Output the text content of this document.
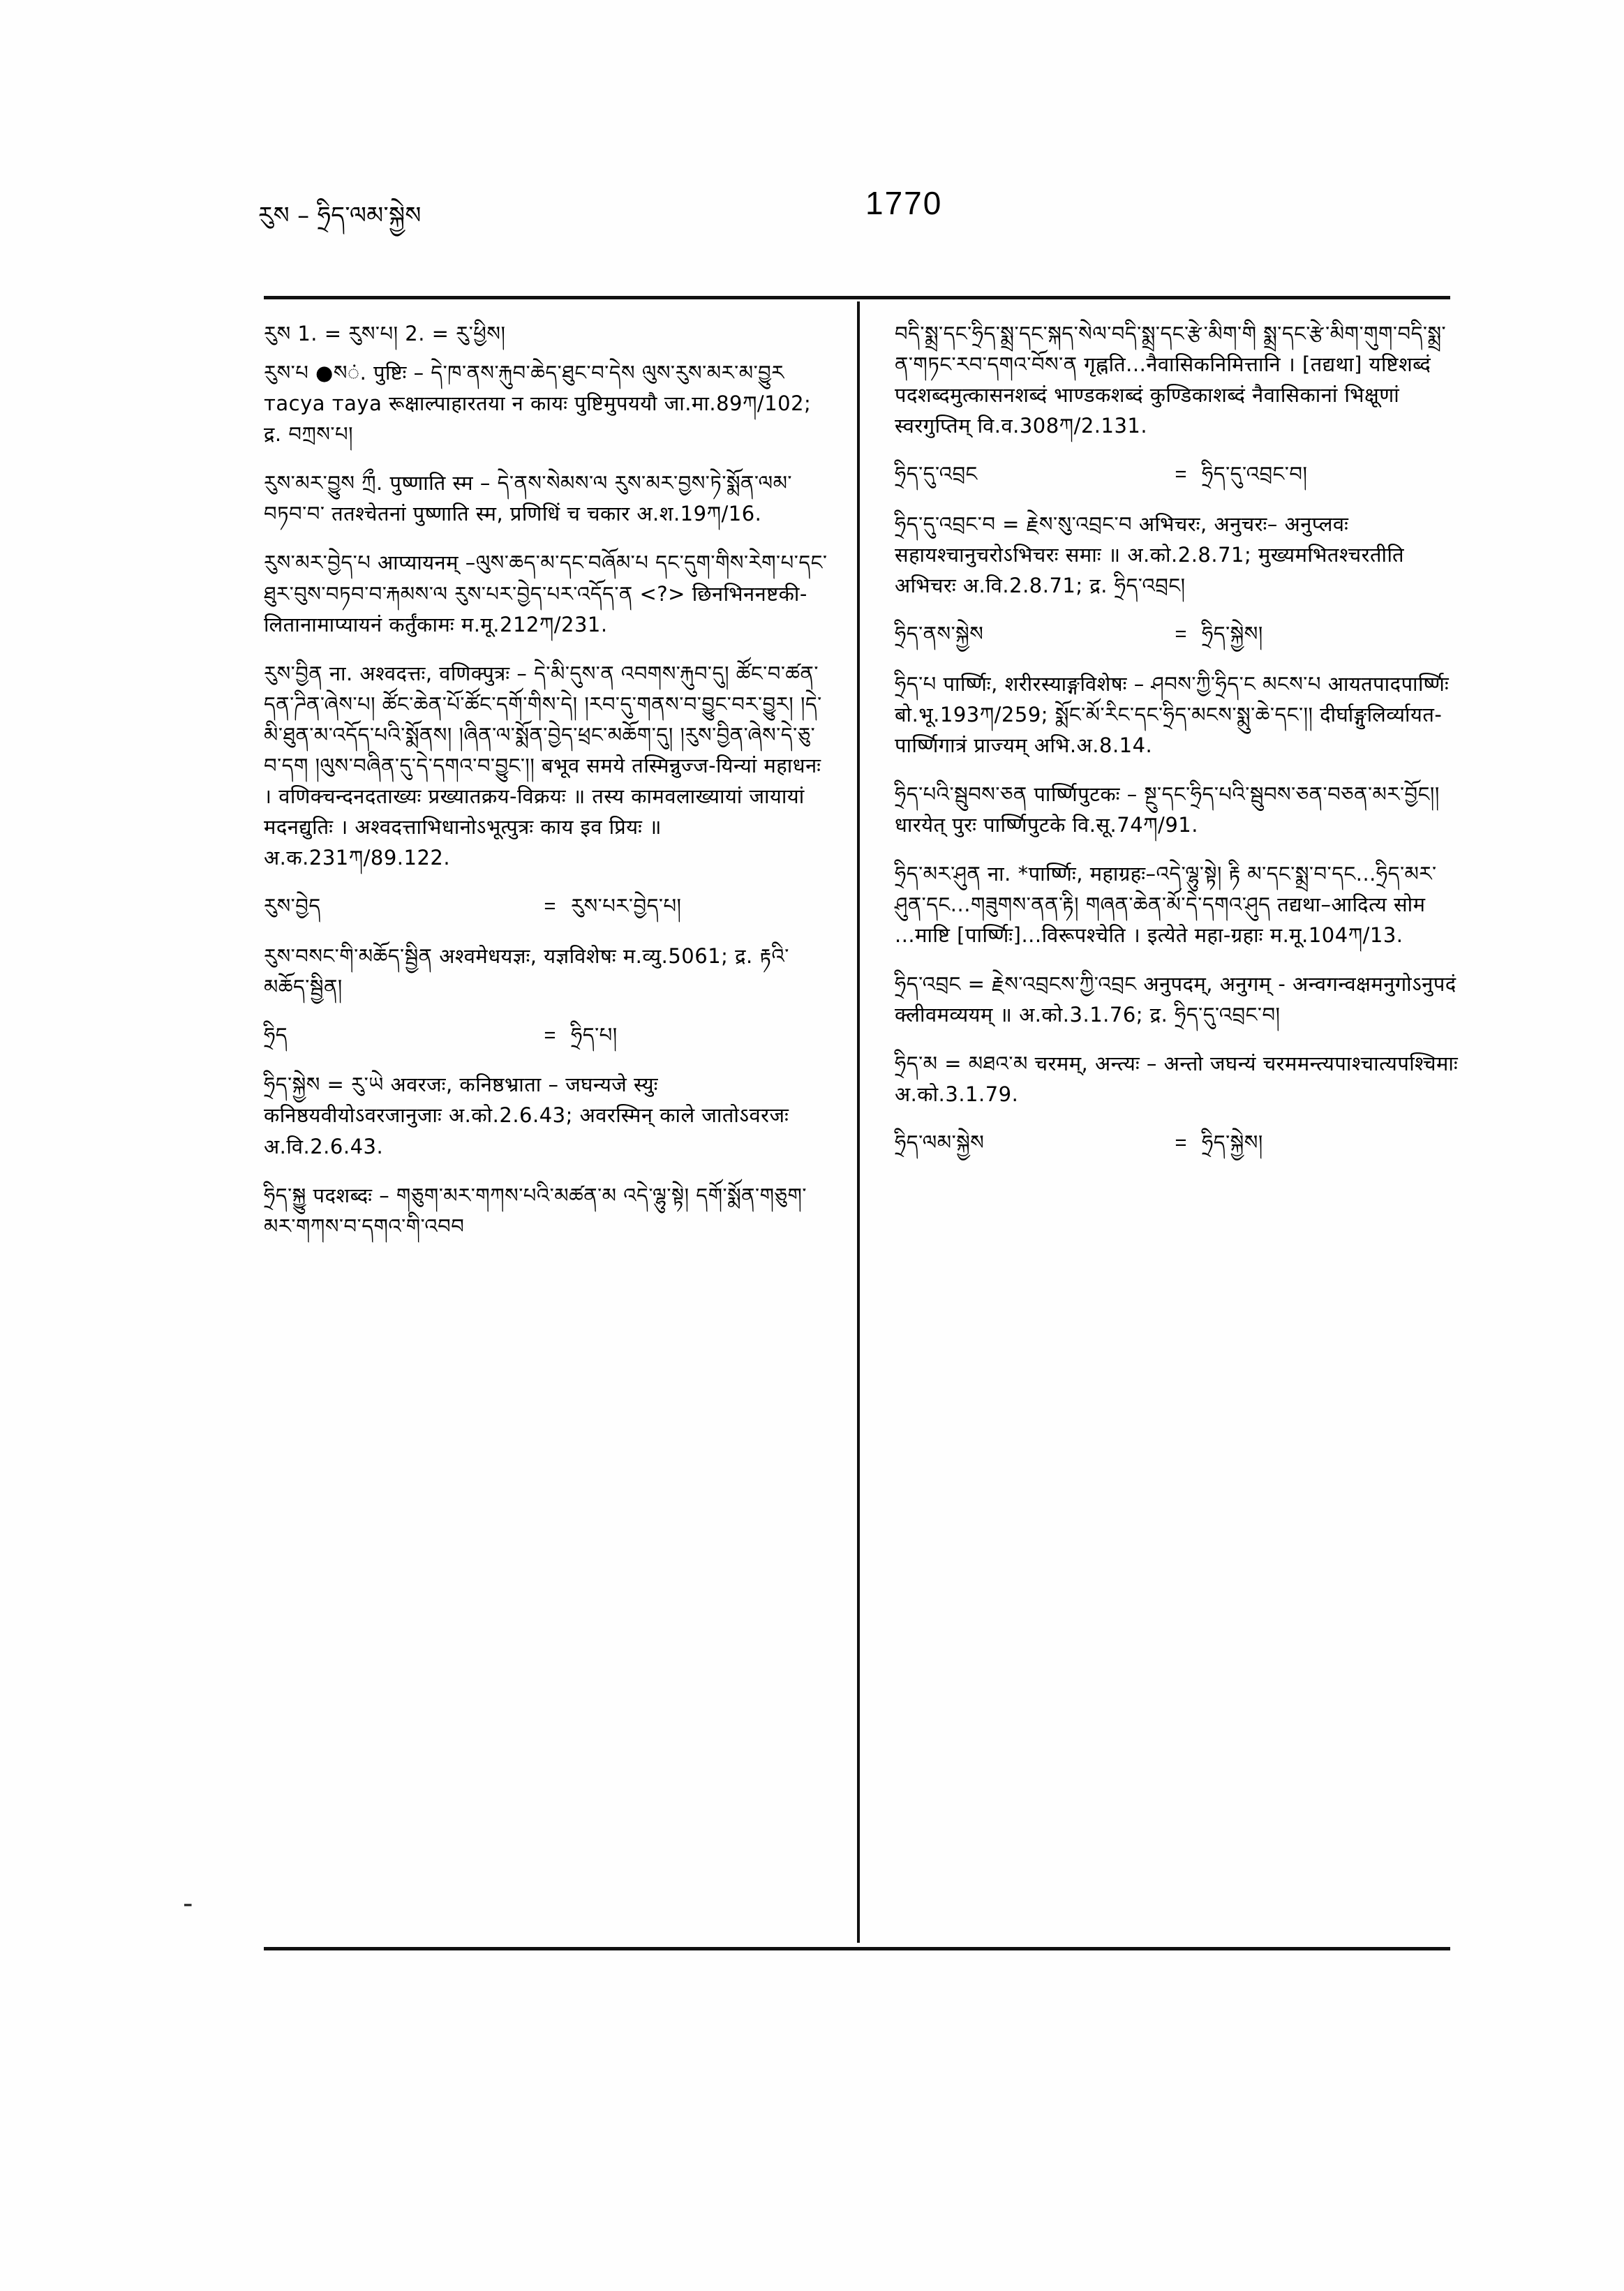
རུས – ཧྲིད་ལམ་སྐྱེས	1770
-

རུས 1. = རུས་པ། 2. = རུ་ཕྱིས།

རུས་པ ●སं. पुष्टिः – དེ་ཁ་ནས་རྐུབ་ཆེད་ཐུང་བ་དེས ལུས་རུས་མར་མ་བྱུར тасya тaya रूक्षाल्पाहारतया न कायः पुष्टिमुपययौ जा.मा.89ཀ/102; द्र. བཀྲས་པ།

རུས་མར་བྱུས ཀྲྀ. पुष्णाति स्म – དེ་ནས་སེམས་ལ རུས་མར་བྱས་ཏེ་སྨོན་ལམ་བཏབ་བ་ ततश्चेतनां पुष्णाति स्म, प्रणिधिं च चकार अ.श.19ཀ/16.

རུས་མར་བྱེད་པ आप्यायनम् –ལུས་ཆད་མ་དང་བཞོམ་པ དང་དུག་གིས་རེག་པ་དང་ཐུར་བུས་བཏབ་བ་རྐམས་ལ རུས་པར་བྱེད་པར་འདོད་ན <?> छिनभिननष्टकी-लितानामाप्यायनं कर्तुंकामः म.मू.212ཀ/231.

རུས་བྱིན ना. अश्वदत्तः, वणिक्पुत्रः – དེ་མི་དུས་ན འབགས་རྐུབ་དུ། ཚོང་བ་ཚན་དན་ཌིན་ཞེས་པ། ཚོང་ཆེན་པོ་ཚོང་དགོ་གིས་དེ། །རབ་དུ་གནས་བ་བྱུང་བར་བྱུར། །དེ་མི་ཐུན་མ་འདོད་པའི་སྨོནས། །ཞིན་ལ་སྨོན་བྱེད་ཕྲང་མཆོག་དུ། །རུས་བྱིན་ཞེས་དེ་ཅུ་བ་དག །ལུས་བཞིན་དུ་དེ་དགའ་བ་བྱུང༌།། बभूव समये तस्मिन्नुज्ज-यिन्यां महाधनः । वणिक्चन्दनदताख्यः प्रख्यातक्रय-विक्रयः ॥ तस्य कामवलाख्यायां जायायां मदनद्युतिः । अश्वदत्ताभिधानोऽभूत्पुत्रः काय इव प्रियः ॥ अ.क.231ཀ/89.122.

རུས་བྱེད	= རུས་པར་བྱེད་པ།

རུས་བསང་གི་མཆོད་སྦྱིན अश्वमेधयज्ञः, यज्ञविशेषः म.व्यु.5061; द्र. རྟའི་མཆོད་སྦྱིན།

ཧྲིད	= ཧྲིད་པ།

ཧྲིད་སྐྱེས = རུ་ཡེ अवरजः, कनिष्ठभ्राता – जघन्यजे स्युः कनिष्ठयवीयोऽवरजानुजाः अ.को.2.6.43; अवरस्मिन् काले जातोऽवरजः अ.वि.2.6.43.

ཧྲིད་སྐྱུ पदशब्दः – གཅུག་མར་གཀས་པའི་མཚན་མ འདེ་ལྷུ་སྟེ། དགོ་སྨོན་གཅུག་མར་གཀས་བ་དགའ་གི་འབབ

བདི་སྨྲ་དང་ཧྲིད་སྨྲ་དང་སྐད་སེལ་བདི་སྨྲ་དང་རྩེ་མིག་གི སྨྲ་དང་རྩེ་མིག་གུག་བདི་སྨྲ་ན་གཏང་རབ་དགའ་བོས་ན गृह्नति...नैवासिकनिमित्तानि । [तद्यथा] यष्टिशब्दं पदशब्दमुत्कासनशब्दं भाण्डकशब्दं कुण्डिकाशब्दं नैवासिकानां भिक्षूणां स्वरगुप्तिम् वि.व.308ཀ/2.131.

ཧྲིད་དུ་འབྲང	= ཧྲིད་དུ་འབྲང་བ།

ཧྲིད་དུ་འབྲང་བ = རྗེས་སུ་འབྲང་བ अभिचरः, अनुचरः– अनुप्लवः सहायश्चानुचरोऽभिचरः समाः ॥ अ.को.2.8.71; मुख्यमभितश्चरतीति अभिचरः अ.वि.2.8.71; द्र. ཧྲིད་འབྲང།

ཧྲིད་ནས་སྐྱེས	= ཧྲིད་སྐྱེས།

ཧྲིད་པ पार्ष्णिः, शरीरस्याङ्गविशेषः – ཤབས་ཀྱི་ཧྲིད་ང མངས་པ आयतपादपार्ष्णिः बो.भू.193ཀ/259; སྨོང་མོ་རིང་དང་ཧྲིད་མངས་སྨུ་ཆེ་དང་།། दीर्घाङ्गुलिर्व्यायत-पार्ष्णिगात्रं प्राज्यम् अभि.अ.8.14.

ཧྲིད་པའི་སྦུབས་ཅན पार्ष्णिपुटकः – སྔུ་དང་ཧྲིད་པའི་སྦུབས་ཅན་བཅན་མར་བྱོང།། धारयेत् पुरः पार्ष्णिपुटके वि.सू.74ཀ/91.

ཧྲིད་མར་ཤུན ना. *पार्ष्णिः, महाग्रहः–འདེ་ལྷུ་སྟེ། རྟི མ་དང་སྨྲ་བ་དང...ཧྲིད་མར་ཤུན་དང...གཟུགས་ནན་རྟི། གཞན་ཆེན་མོ་དེ་དགའ་ཤུད तद्यथा–आदित्य सोम ...माष्टि [पार्ष्णिः]...विरूपश्चेति । इत्येते महा-ग्रहाः म.मू.104ཀ/13.

ཧྲིད་འབྲང = རྗེས་འབྲངས་ཀྱི་འབྲང अनुपदम्, अनुगम् - अन्वगन्वक्षमनुगोऽनुपदं क्लीवमव्ययम् ॥ अ.को.3.1.76; द्र. ཧྲིད་དུ་འབྲང་བ།

ཧྲིད་མ = མཐའ་མ चरमम्, अन्त्यः – अन्तो जघन्यं चरममन्त्यपाश्चात्यपश्चिमाः अ.को.3.1.79.

ཧྲིད་ལམ་སྐྱེས	= ཧྲིད་སྐྱེས།
